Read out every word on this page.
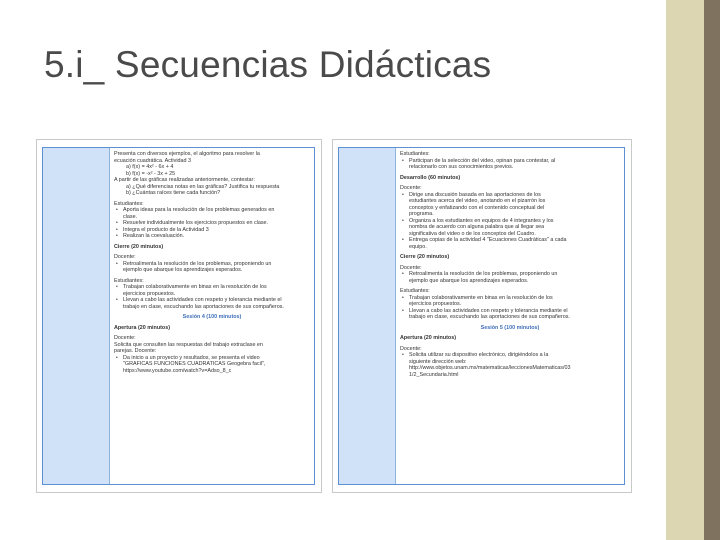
5.i_ Secuencias Didácticas
Presenta con diversos ejemplos, el algoritmo para resolver la
ecuación cuadrática. Actividad 3
a) f(x) = 4x² - 6x + 4
b) f(x) = -x² - 3x + 25
A partir de las gráficas realizadas anteriormente, contestar:
a) ¿Qué diferencias notas en las gráficas? Justifica tu respuesta
b) ¿Cuántas raíces tiene cada función?
Estudiantes:
• Aporta ideas para la resolución de los problemas generados en
clase.
• Resuelve individualmente los ejercicios propuestos en clase.
• Integra el producto de la Actividad 3
• Realizan la coevaluación.
Cierre (20 minutos)
Docente:
• Retroalimenta la resolución de los problemas, proponiendo un
ejemplo que abarque los aprendizajes esperados.
Estudiantes:
• Trabajan colaborativamente en binas en la resolución de los
ejercicios propuestos.
• Llevan a cabo las actividades con respeto y tolerancia mediante el
trabajo en clase, escuchando las aportaciones de sus compañeros.
Sesión 4 (100 minutos)
Apertura (20 minutos)
Docente:
Solicita que consulten las respuestas del trabajo extraclase en
parejas. Docente:
• Da inicio a un proyecto y resultados, se presenta el video
"GRAFICAS FUNCIONES CUADRATICAS Geogebra facil",
https://www.youtube.com/watch?v=Adso_8_c
Estudiantes:
• Participan de la selección del video, opinan para contestar, al
relacionarlo con sus conocimientos previos.
Desarrollo (60 minutos)
Docente:
• Dirige una discusión basada en las aportaciones de los
estudiantes acerca del video, anotando en el pizarrón los
conceptos y enfatizando con el contenido conceptual del
programa.
• Organiza a los estudiantes en equipos de 4 integrantes y los
nombra de acuerdo con alguna palabra que al llegar sea
significativa del video o de los conceptos del Cuadro.
• Entrega copias de la actividad 4 "Ecuaciones Cuadráticas" a cada
equipo.
Cierre (20 minutos)
Docente:
• Retroalimenta la resolución de los problemas, proponiendo un
ejemplo que abarque los aprendizajes esperados.
Estudiantes:
• Trabajan colaborativamente en binas en la resolución de los
ejercicios propuestos.
• Llevan a cabo las actividades con respeto y tolerancia mediante el
trabajo en clase, escuchando las aportaciones de sus compañeros.
Sesión 5 (100 minutos)
Apertura (20 minutos)
Docente:
• Solicita utilizar su dispositivo electrónico, dirigiéndolos a la
siguiente dirección web:
http://www.objetos.unam.mx/matematicas/leccionesMatematicas/03
1/2_Secundaria.html
